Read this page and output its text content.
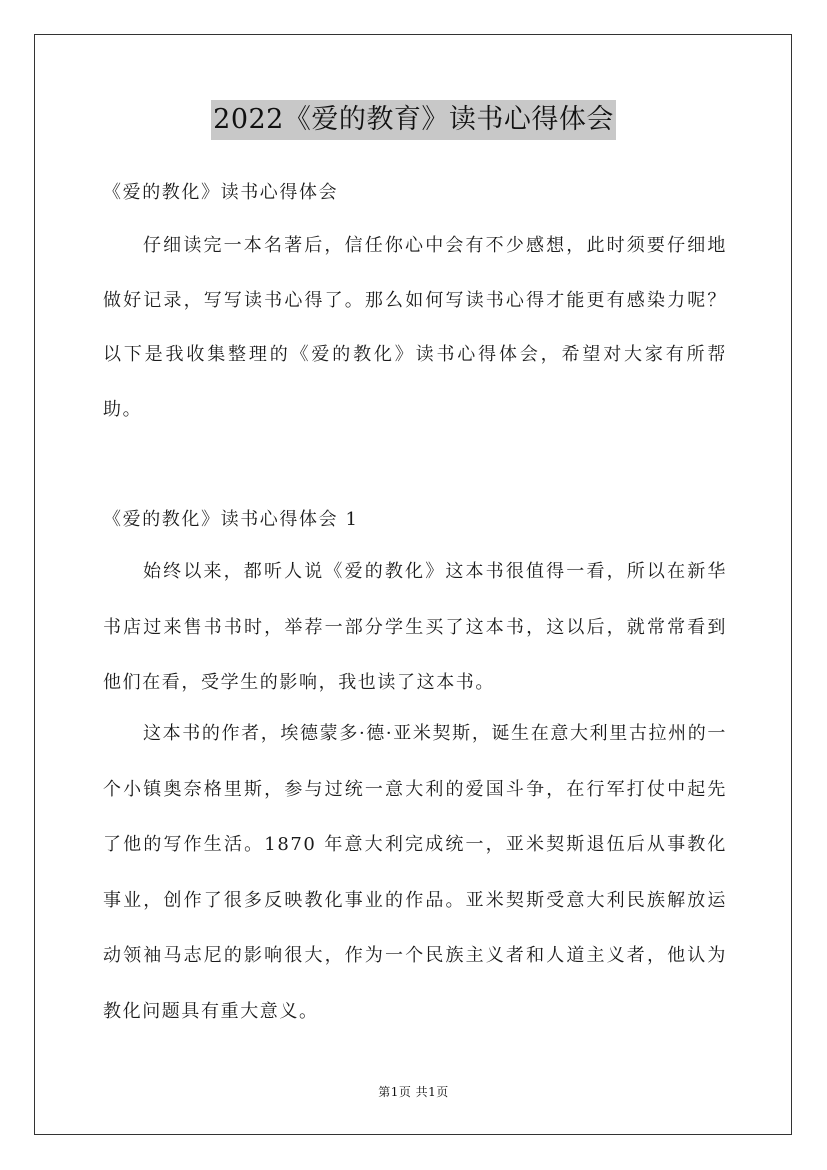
2022《爱的教育》读书心得体会
《爱的教化》读书心得体会

仔细读完一本名著后，信任你心中会有不少感想，此时须要仔细地做好记录，写写读书心得了。那么如何写读书心得才能更有感染力呢？以下是我收集整理的《爱的教化》读书心得体会，希望对大家有所帮助。

《爱的教化》读书心得体会 1

始终以来，都听人说《爱的教化》这本书很值得一看，所以在新华书店过来售书书时，举荐一部分学生买了这本书，这以后，就常常看到他们在看，受学生的影响，我也读了这本书。

这本书的作者，埃德蒙多·德·亚米契斯，诞生在意大利里古拉州的一个小镇奥奈格里斯，参与过统一意大利的爱国斗争，在行军打仗中起先了他的写作生活。1870 年意大利完成统一，亚米契斯退伍后从事教化事业，创作了很多反映教化事业的作品。亚米契斯受意大利民族解放运动领袖马志尼的影响很大，作为一个民族主义者和人道主义者，他认为教化问题具有重大意义。

第1页 共1页
